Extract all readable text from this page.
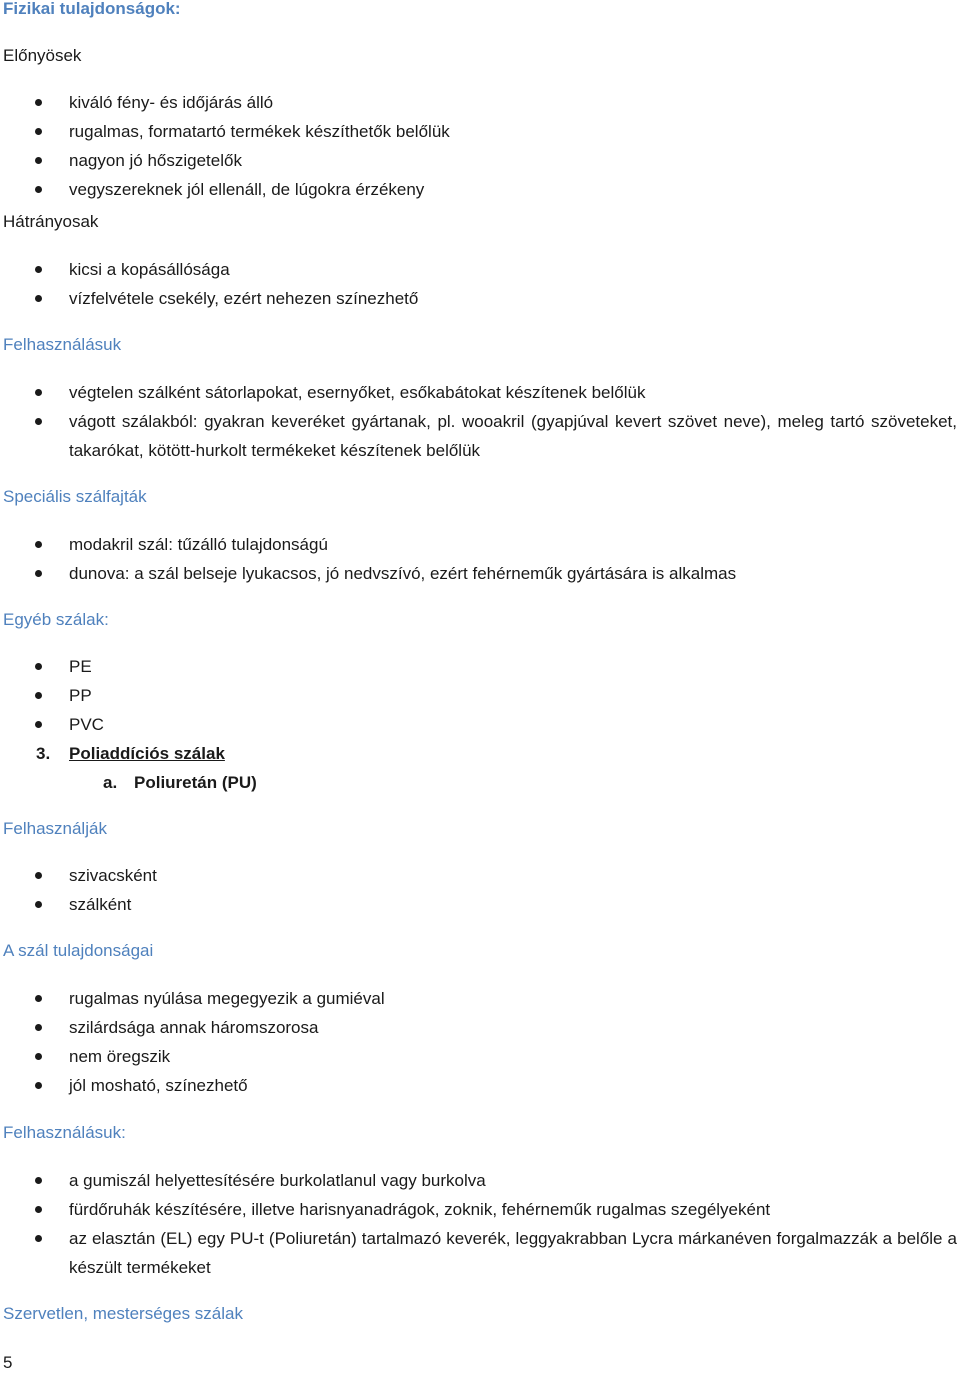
Fizikai tulajdonságok:

Előnyösek

kiváló fény- és időjárás álló
rugalmas, formatartó termékek készíthetők belőlük
nagyon jó hőszigetelők
vegyszereknek jól ellenáll, de lúgokra érzékeny

Hátrányosak

kicsi a kopásállósága
vízfelvétele csekély, ezért nehezen színezhető
Felhasználásuk
végtelen szálként sátorlapokat, esernyőket, esőkabátokat készítenek belőlük
vágott szálakból: gyakran keveréket gyártanak, pl. wooakril (gyapjúval kevert szövet neve), meleg tartó szöveteket, takarókat, kötött-hurkolt termékeket készítenek belőlük
Speciális szálfajták
modakril szál: tűzálló tulajdonságú
dunova: a szál belseje lyukacsos, jó nedvszívó, ezért fehérneműk gyártására is alkalmas
Egyéb szálak:
PE
PP
PVC
3. Poliaddíciós szálak
a. Poliuretán (PU)
Felhasználják
szivacsként
szálként
A szál tulajdonságai
rugalmas nyúlása megegyezik a gumiéval
szilárdsága annak háromszorosa
nem öregszik
jól mosható, színezhető
Felhasználásuk:
a gumiszál helyettesítésére burkolatlanul vagy burkolva
fürdőruhák készítésére, illetve harisnyanadrágok, zoknik, fehérneműk rugalmas szegélyeként
az elasztán (EL) egy PU-t (Poliuretán) tartalmazó keverék, leggyakrabban Lycra márkanéven forgalmazzák a belőle a készült termékeket
Szervetlen, mesterséges szálak
5
